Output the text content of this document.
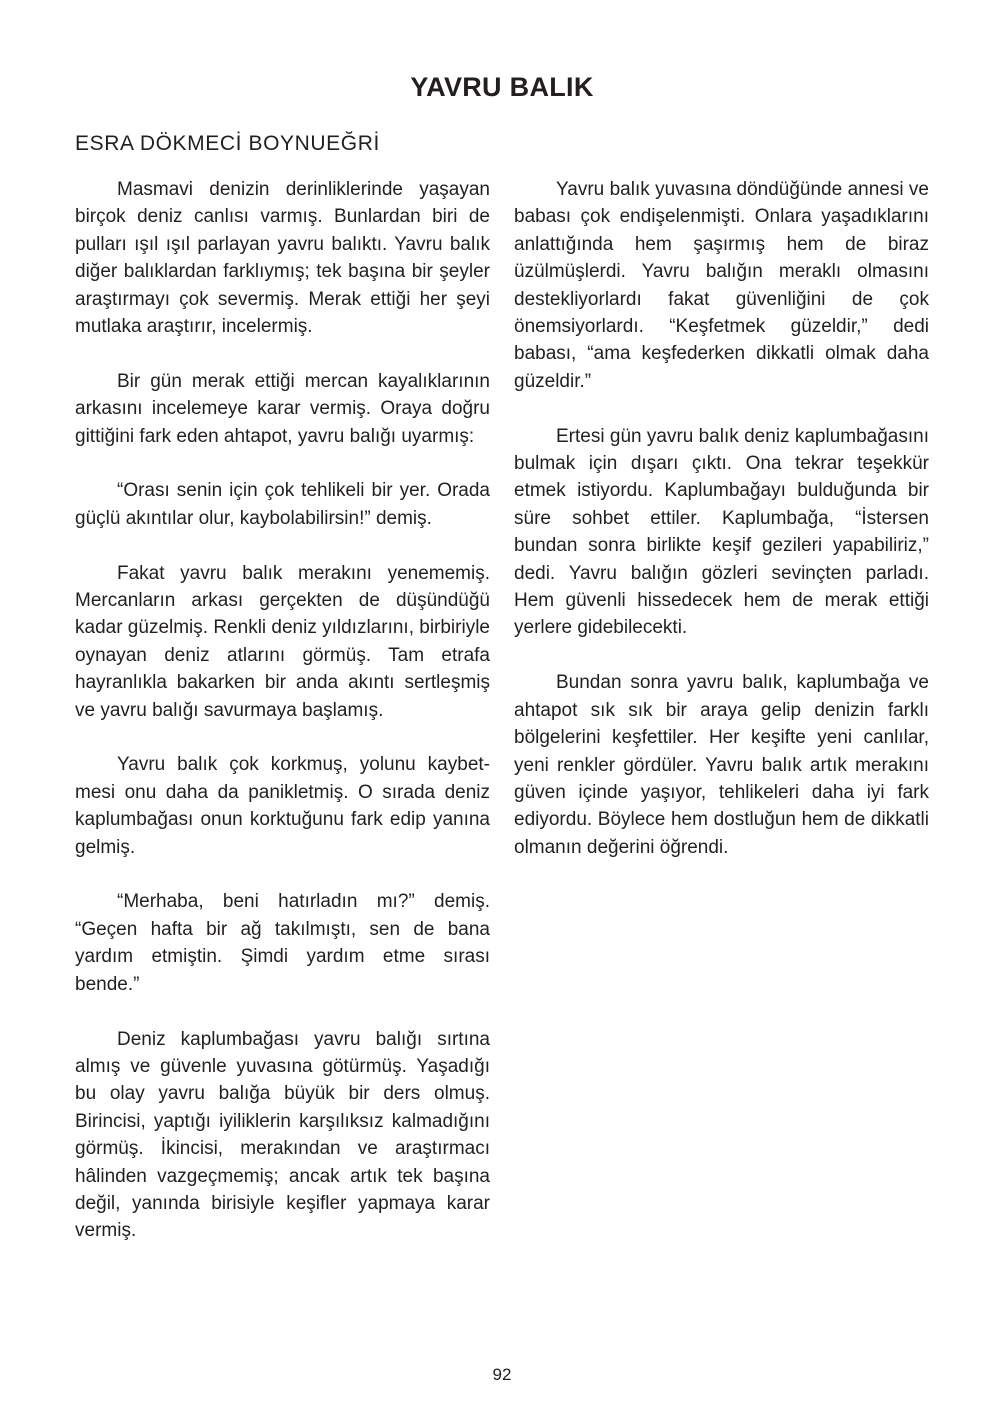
YAVRU BALIK
ESRA DÖKMECİ BOYNUEĞRİ

Masmavi denizin derinliklerinde yaşayan birçok deniz canlısı varmış. Bunlardan biri de pulları ışıl ışıl parlayan yavru balıktı. Yavru balık diğer balıklardan farklıymış; tek başına bir şeyler araştırmayı çok severmiş. Merak ettiği her şeyi mutlaka araştırır, incelermiş.

Bir gün merak ettiği mercan kayalıklarının arkasını incelemeye karar vermiş. Oraya doğru gittiğini fark eden ahtapot, yavru balığı uyarmış:

“Orası senin için çok tehlikeli bir yer. Orada güçlü akıntılar olur, kaybolabilirsin!” demiş.

Fakat yavru balık merakını yenememiş. Mercanların arkası gerçekten de düşündüğü kadar güzelmiş. Renkli deniz yıldızlarını, birbiriyle oynayan deniz atlarını görmüş. Tam etrafa hayranlıkla bakarken bir anda akıntı sertleşmiş ve yavru balığı savurmaya başlamış.

Yavru balık çok korkmuş, yolunu kaybetmesi onu daha da panikletmiş. O sırada deniz kaplumbağası onun korktuğunu fark edip yanına gelmiş.

“Merhaba, beni hatırladın mı?” demiş. “Geçen hafta bir ağ takılmıştı, sen de bana yardım etmiştin. Şimdi yardım etme sırası bende.”

Deniz kaplumbağası yavru balığı sırtına almış ve güvenle yuvasına götürmüş. Yaşadığı bu olay yavru balığa büyük bir ders olmuş. Birincisi, yaptığı iyiliklerin karşılıksız kalmadığını görmüş. İkincisi, merakından ve araştırmacı hâlinden vazgeçmemiş; ancak artık tek başına değil, yanında birisiyle keşifler yapmaya karar vermiş.

Yavru balık yuvasına döndüğünde annesi ve babası çok endişelenmişti. Onlara yaşadıklarını anlattığında hem şaşırmış hem de biraz üzülmüşlerdi. Yavru balığın meraklı olmasını destekliyorlardı fakat güvenliğini de çok önemsiyorlardı. “Keşfetmek güzeldir,” dedi babası, “ama keşfederken dikkatli olmak daha güzeldir.”

Ertesi gün yavru balık deniz kaplumbağasını bulmak için dışarı çıktı. Ona tekrar teşekkür etmek istiyordu. Kaplumbağayı bulduğunda bir süre sohbet ettiler. Kaplumbağa, “İstersen bundan sonra birlikte keşif gezileri yapabiliriz,” dedi. Yavru balığın gözleri sevinçten parladı. Hem güvenli hissedecek hem de merak ettiği yerlere gidebilecekti.

Bundan sonra yavru balık, kaplumbağa ve ahtapot sık sık bir araya gelip denizin farklı bölgelerini keşfettiler. Her keşifte yeni canlılar, yeni renkler gördüler. Yavru balık artık merakını güven içinde yaşıyor, tehlikeleri daha iyi fark ediyordu. Böylece hem dostluğun hem de dikkatli olmanın değerini öğrendi.

92
